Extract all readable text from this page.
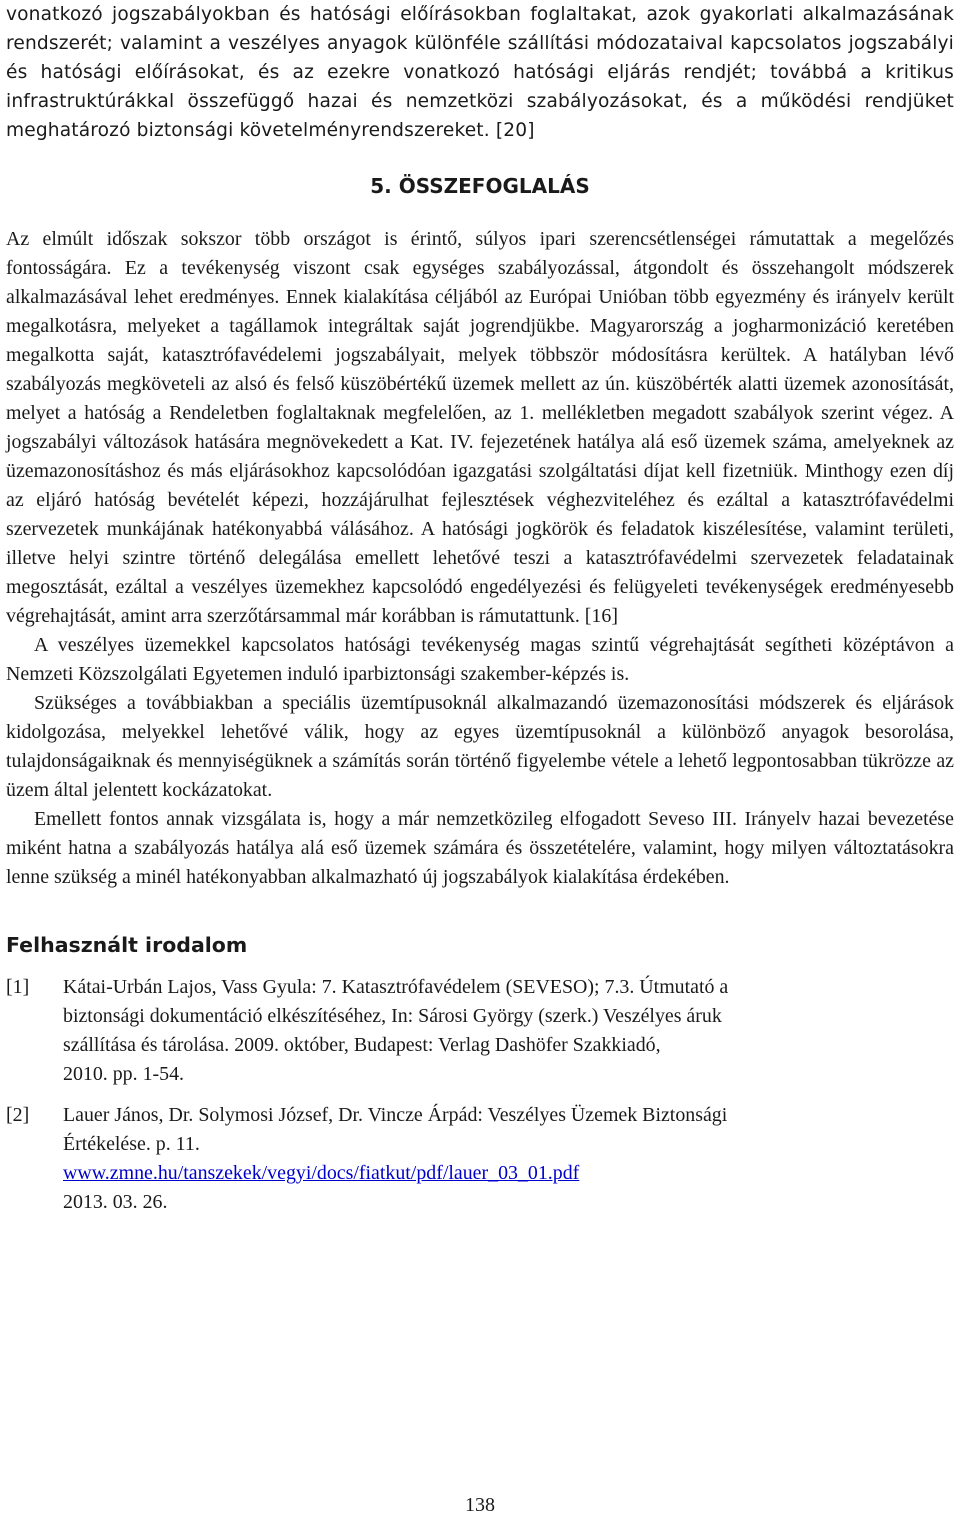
vonatkozó jogszabályokban és hatósági előírásokban foglaltakat, azok gyakorlati alkalmazásának rendszerét; valamint a veszélyes anyagok különféle szállítási módozataival kapcsolatos jogszabályi és hatósági előírásokat, és az ezekre vonatkozó hatósági eljárás rendjét; továbbá a kritikus infrastruktúrákkal összefüggő hazai és nemzetközi szabályozásokat, és a működési rendjüket meghatározó biztonsági követelményrendszereket. [20]

5. ÖSSZEFOGLALÁS

Az elmúlt időszak sokszor több országot is érintő, súlyos ipari szerencsétlenségei rámutattak a megelőzés fontosságára. Ez a tevékenység viszont csak egységes szabályozással, átgondolt és összehangolt módszerek alkalmazásával lehet eredményes. Ennek kialakítása céljából az Európai Unióban több egyezmény és irányelv került megalkotásra, melyeket a tagállamok integráltak saját jogrendjükbe. Magyarország a jogharmonizáció keretében megalkotta saját, katasztrófavédelemi jogszabályait, melyek többször módosításra kerültek. A hatályban lévő szabályozás megköveteli az alsó és felső küszöbértékű üzemek mellett az ún. küszöbérték alatti üzemek azonosítását, melyet a hatóság a Rendeletben foglaltaknak megfelelően, az 1. mellékletben megadott szabályok szerint végez. A jogszabályi változások hatására megnövekedett a Kat. IV. fejezetének hatálya alá eső üzemek száma, amelyeknek az üzemazonosításhoz és más eljárásokhoz kapcsolódóan igazgatási szolgáltatási díjat kell fizetniük. Minthogy ezen díj az eljáró hatóság bevételét képezi, hozzájárulhat fejlesztések véghezviteléhez és ezáltal a katasztrófavédelmi szervezetek munkájának hatékonyabbá válásához. A hatósági jogkörök és feladatok kiszélesítése, valamint területi, illetve helyi szintre történő delegálása emellett lehetővé teszi a katasztrófavédelmi szervezetek feladatainak megosztását, ezáltal a veszélyes üzemekhez kapcsolódó engedélyezési és felügyeleti tevékenységek eredményesebb végrehajtását, amint arra szerzőtársammal már korábban is rámutattunk. [16]

A veszélyes üzemekkel kapcsolatos hatósági tevékenység magas szintű végrehajtását segítheti középtávon a Nemzeti Közszolgálati Egyetemen induló iparbiztonsági szakember-képzés is.

Szükséges a továbbiakban a speciális üzemtípusoknál alkalmazandó üzemazonosítási módszerek és eljárások kidolgozása, melyekkel lehetővé válik, hogy az egyes üzemtípusoknál a különböző anyagok besorolása, tulajdonságaiknak és mennyiségüknek a számítás során történő figyelembe vétele a lehető legpontosabban tükrözze az üzem által jelentett kockázatokat.

Emellett fontos annak vizsgálata is, hogy a már nemzetközileg elfogadott Seveso III. Irányelv hazai bevezetése miként hatna a szabályozás hatálya alá eső üzemek számára és összetételére, valamint, hogy milyen változtatásokra lenne szükség a minél hatékonyabban alkalmazható új jogszabályok kialakítása érdekében.

Felhasznált irodalom
[1]	Kátai-Urbán Lajos, Vass Gyula: 7. Katasztrófavédelem (SEVESO); 7.3. Útmutató a
biztonsági dokumentáció elkészítéséhez, In: Sárosi György (szerk.) Veszélyes áruk
szállítása és tárolása. 2009. október, Budapest: Verlag Dashöfer Szakkiadó,
2010. pp. 1-54.
[2]	Lauer János, Dr. Solymosi József, Dr. Vincze Árpád: Veszélyes Üzemek Biztonsági
Értékelése. p. 11.
www.zmne.hu/tanszekek/vegyi/docs/fiatkut/pdf/lauer_03_01.pdf
2013. 03. 26.
138
